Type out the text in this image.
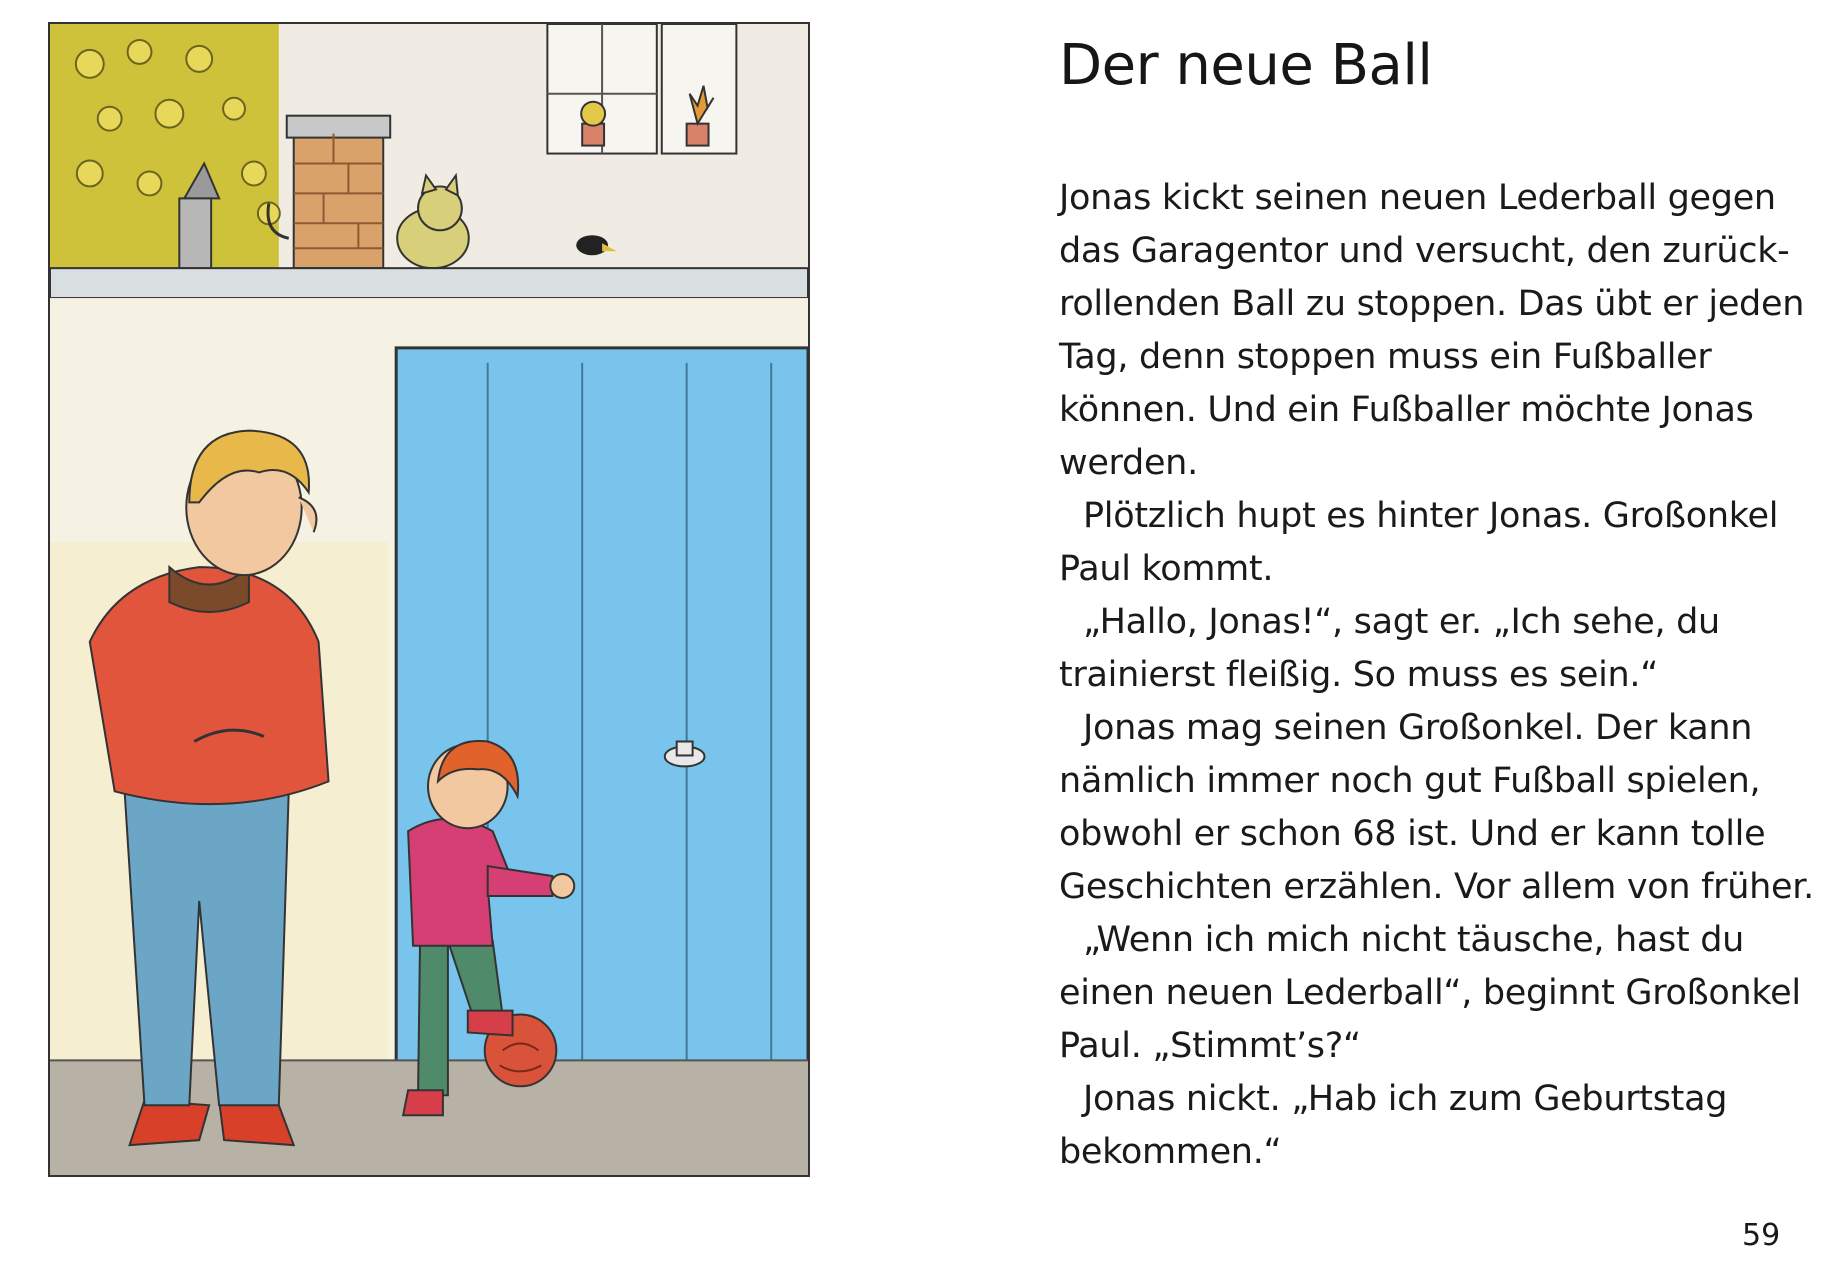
Der neue Ball
Jonas kickt seinen neuen Lederball gegen
das Garagentor und versucht, den zurück-
rollenden Ball zu stoppen. Das übt er jeden
Tag, denn stoppen muss ein Fußballer
können. Und ein Fußballer möchte Jonas
werden.
Plötzlich hupt es hinter Jonas. Großonkel
Paul kommt.
„Hallo, Jonas!“, sagt er. „Ich sehe, du
trainierst fleißig. So muss es sein.“
Jonas mag seinen Großonkel. Der kann
nämlich immer noch gut Fußball spielen,
obwohl er schon 68 ist. Und er kann tolle
Geschichten erzählen. Vor allem von früher.
„Wenn ich mich nicht täusche, hast du
einen neuen Lederball“, beginnt Großonkel
Paul. „Stimmt’s?“
Jonas nickt. „Hab ich zum Geburtstag
bekommen.“
59
